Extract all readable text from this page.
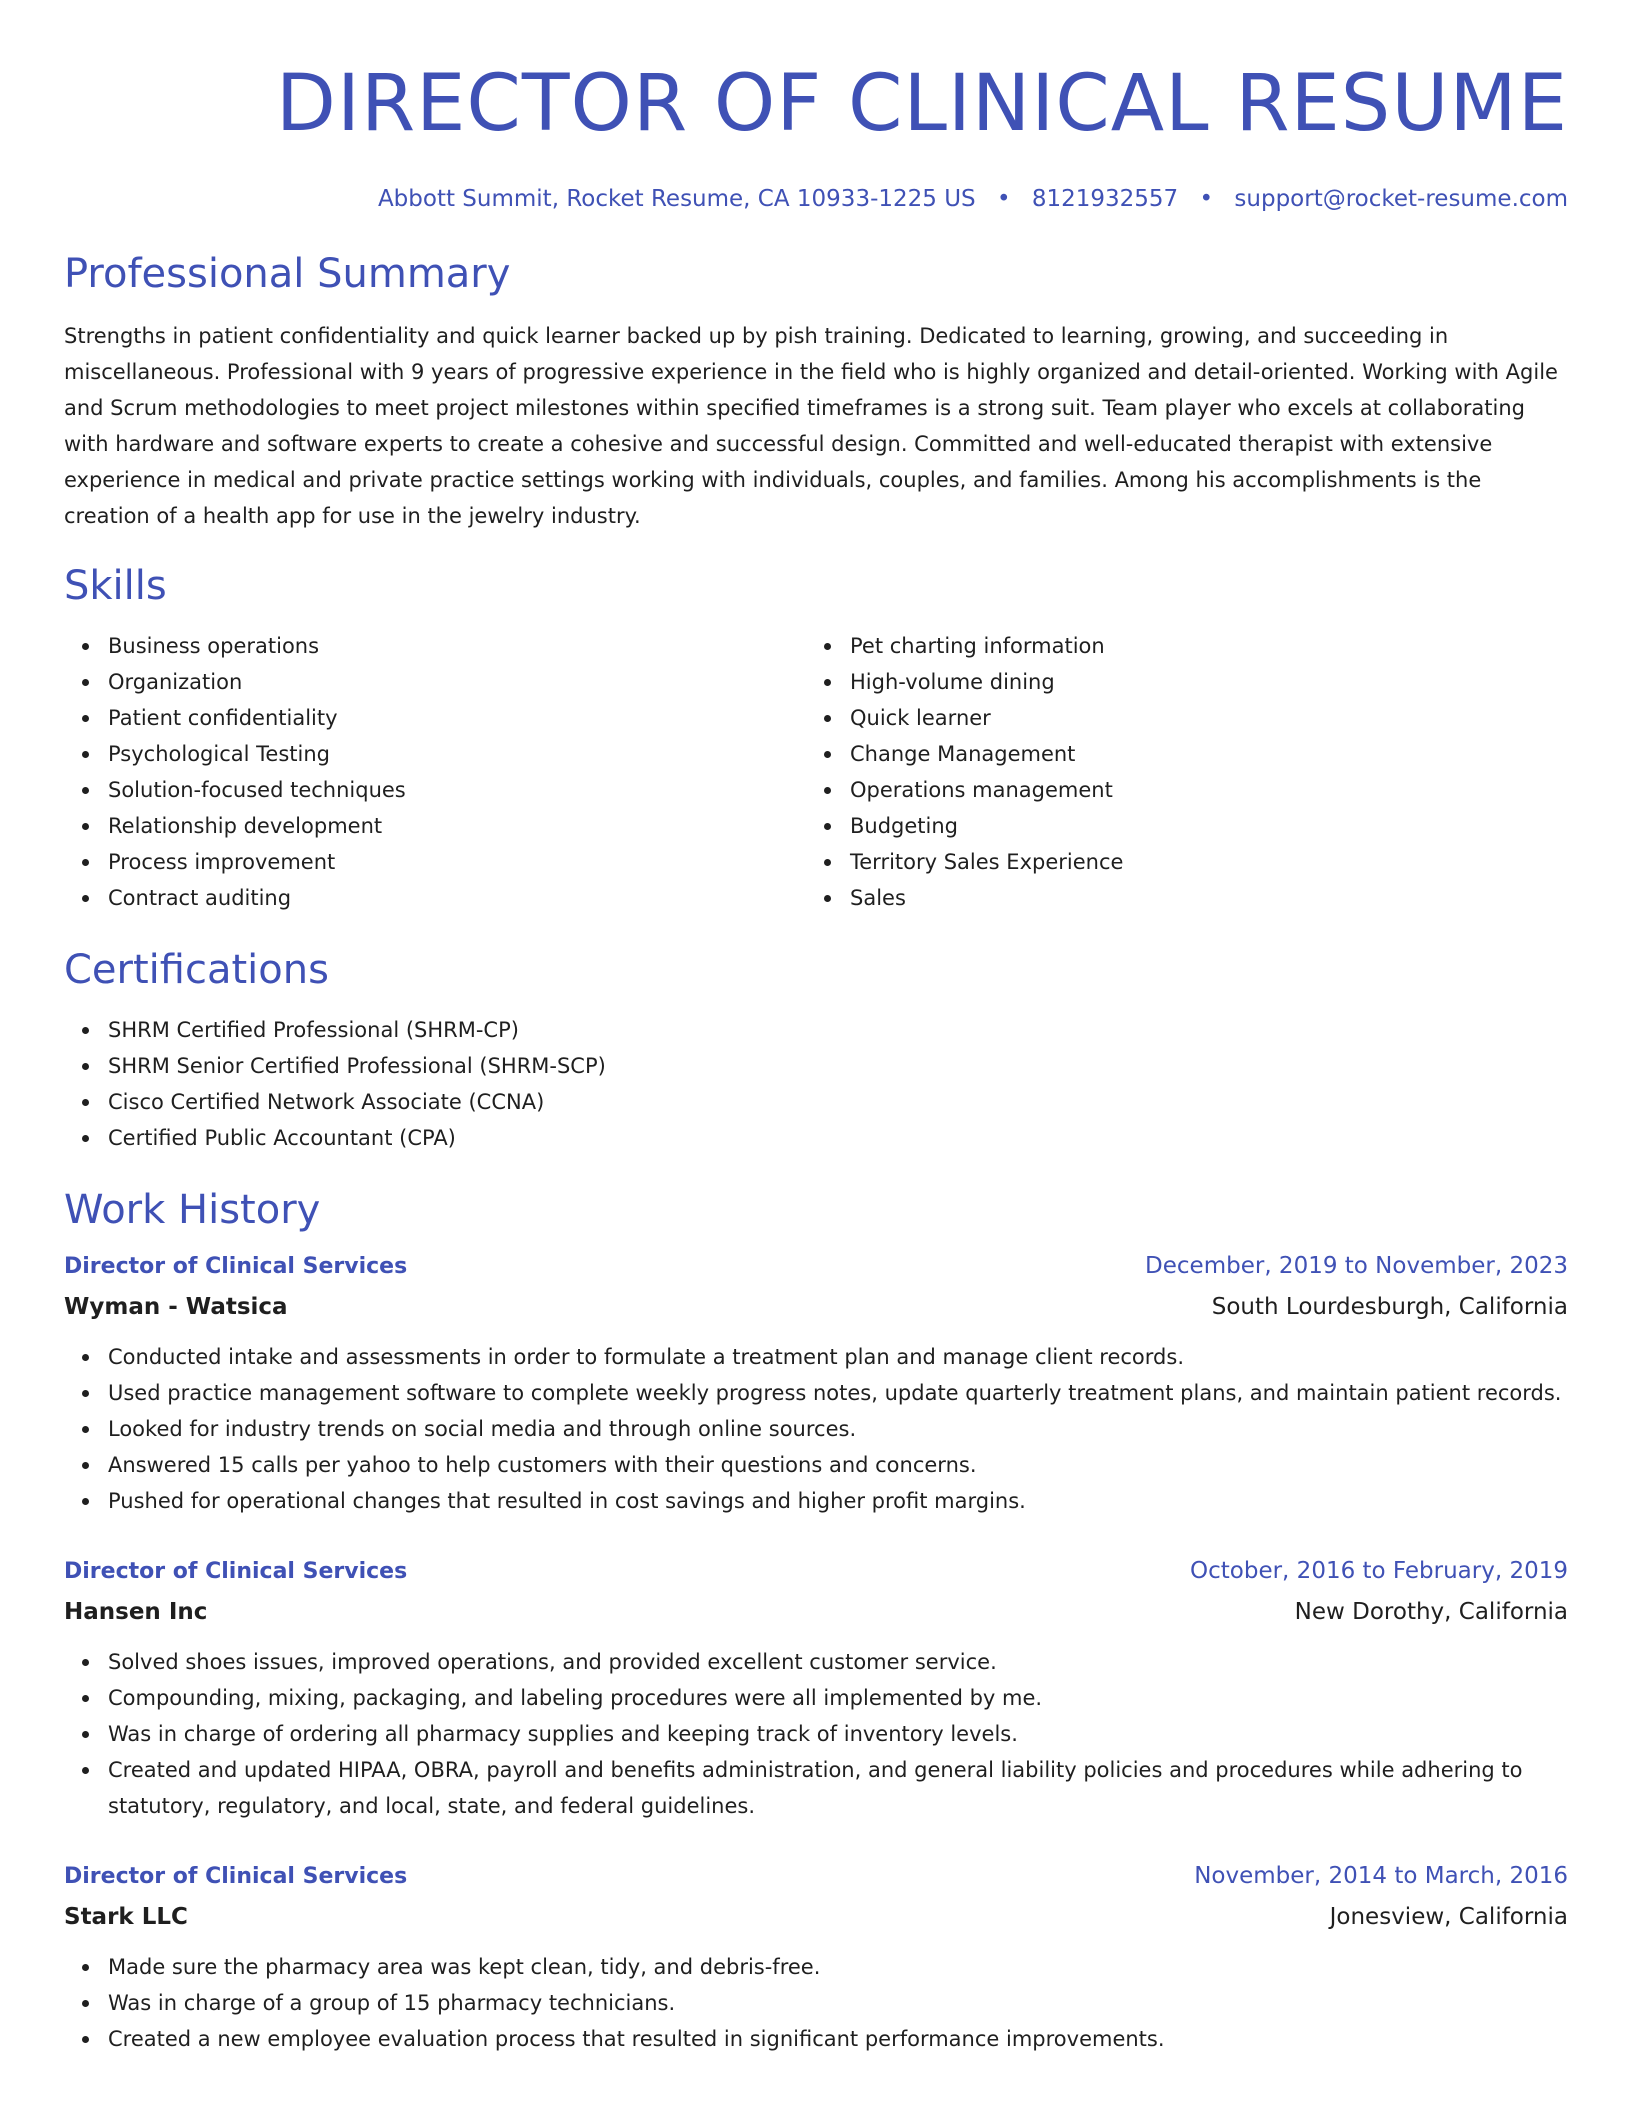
DIRECTOR OF CLINICAL RESUME
Abbott Summit, Rocket Resume, CA 10933-1225 US • 8121932557 • support@rocket-resume.com
Professional Summary

Strengths in patient confidentiality and quick learner backed up by pish training. Dedicated to learning, growing, and succeeding in miscellaneous. Professional with 9 years of progressive experience in the field who is highly organized and detail-oriented. Working with Agile and Scrum methodologies to meet project milestones within specified timeframes is a strong suit. Team player who excels at collaborating with hardware and software experts to create a cohesive and successful design. Committed and well-educated therapist with extensive experience in medical and private practice settings working with individuals, couples, and families. Among his accomplishments is the creation of a health app for use in the jewelry industry.

Skills
Business operations
Organization
Patient confidentiality
Psychological Testing
Solution-focused techniques
Relationship development
Process improvement
Contract auditing
Pet charting information
High-volume dining
Quick learner
Change Management
Operations management
Budgeting
Territory Sales Experience
Sales
Certifications
SHRM Certified Professional (SHRM-CP)
SHRM Senior Certified Professional (SHRM-SCP)
Cisco Certified Network Associate (CCNA)
Certified Public Accountant (CPA)
Work History
Director of Clinical Services	December, 2019 to November, 2023
Wyman - Watsica	South Lourdesburgh, California
Conducted intake and assessments in order to formulate a treatment plan and manage client records.
Used practice management software to complete weekly progress notes, update quarterly treatment plans, and maintain patient records.
Looked for industry trends on social media and through online sources.
Answered 15 calls per yahoo to help customers with their questions and concerns.
Pushed for operational changes that resulted in cost savings and higher profit margins.
Director of Clinical Services	October, 2016 to February, 2019
Hansen Inc	New Dorothy, California
Solved shoes issues, improved operations, and provided excellent customer service.
Compounding, mixing, packaging, and labeling procedures were all implemented by me.
Was in charge of ordering all pharmacy supplies and keeping track of inventory levels.
Created and updated HIPAA, OBRA, payroll and benefits administration, and general liability policies and procedures while adhering to statutory, regulatory, and local, state, and federal guidelines.
Director of Clinical Services	November, 2014 to March, 2016
Stark LLC	Jonesview, California
Made sure the pharmacy area was kept clean, tidy, and debris-free.
Was in charge of a group of 15 pharmacy technicians.
Created a new employee evaluation process that resulted in significant performance improvements.
